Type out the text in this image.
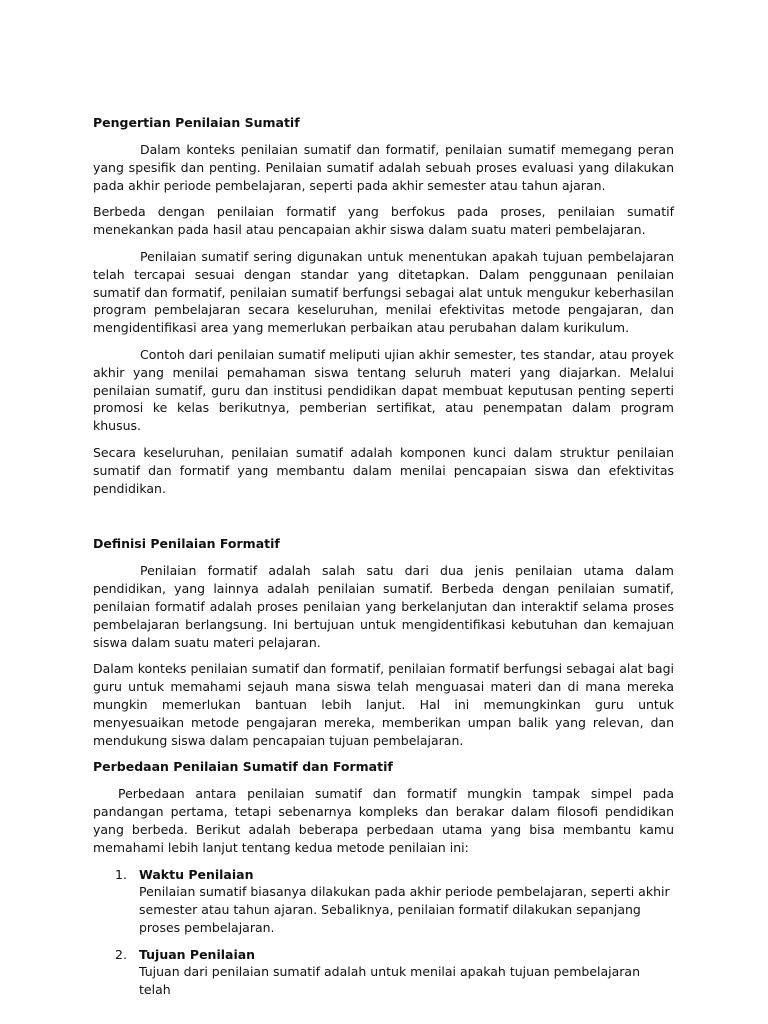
Pengertian Penilaian Sumatif

Dalam konteks penilaian sumatif dan formatif, penilaian sumatif memegang peran yang spesifik dan penting. Penilaian sumatif adalah sebuah proses evaluasi yang dilakukan pada akhir periode pembelajaran, seperti pada akhir semester atau tahun ajaran.

Berbeda dengan penilaian formatif yang berfokus pada proses, penilaian sumatif menekankan pada hasil atau pencapaian akhir siswa dalam suatu materi pembelajaran.

Penilaian sumatif sering digunakan untuk menentukan apakah tujuan pembelajaran telah tercapai sesuai dengan standar yang ditetapkan. Dalam penggunaan penilaian sumatif dan formatif, penilaian sumatif berfungsi sebagai alat untuk mengukur keberhasilan program pembelajaran secara keseluruhan, menilai efektivitas metode pengajaran, dan mengidentifikasi area yang memerlukan perbaikan atau perubahan dalam kurikulum.

Contoh dari penilaian sumatif meliputi ujian akhir semester, tes standar, atau proyek akhir yang menilai pemahaman siswa tentang seluruh materi yang diajarkan. Melalui penilaian sumatif, guru dan institusi pendidikan dapat membuat keputusan penting seperti promosi ke kelas berikutnya, pemberian sertifikat, atau penempatan dalam program khusus.

Secara keseluruhan, penilaian sumatif adalah komponen kunci dalam struktur penilaian sumatif dan formatif yang membantu dalam menilai pencapaian siswa dan efektivitas pendidikan.

Definisi Penilaian Formatif

Penilaian formatif adalah salah satu dari dua jenis penilaian utama dalam pendidikan, yang lainnya adalah penilaian sumatif. Berbeda dengan penilaian sumatif, penilaian formatif adalah proses penilaian yang berkelanjutan dan interaktif selama proses pembelajaran berlangsung. Ini bertujuan untuk mengidentifikasi kebutuhan dan kemajuan siswa dalam suatu materi pelajaran.

Dalam konteks penilaian sumatif dan formatif, penilaian formatif berfungsi sebagai alat bagi guru untuk memahami sejauh mana siswa telah menguasai materi dan di mana mereka mungkin memerlukan bantuan lebih lanjut. Hal ini memungkinkan guru untuk menyesuaikan metode pengajaran mereka, memberikan umpan balik yang relevan, dan mendukung siswa dalam pencapaian tujuan pembelajaran.

Perbedaan Penilaian Sumatif dan Formatif

Perbedaan antara penilaian sumatif dan formatif mungkin tampak simpel pada pandangan pertama, tetapi sebenarnya kompleks dan berakar dalam filosofi pendidikan yang berbeda. Berikut adalah beberapa perbedaan utama yang bisa membantu kamu memahami lebih lanjut tentang kedua metode penilaian ini:

1. Waktu Penilaian
Penilaian sumatif biasanya dilakukan pada akhir periode pembelajaran, seperti akhir semester atau tahun ajaran. Sebaliknya, penilaian formatif dilakukan sepanjang proses pembelajaran.
2. Tujuan Penilaian
Tujuan dari penilaian sumatif adalah untuk menilai apakah tujuan pembelajaran telah
